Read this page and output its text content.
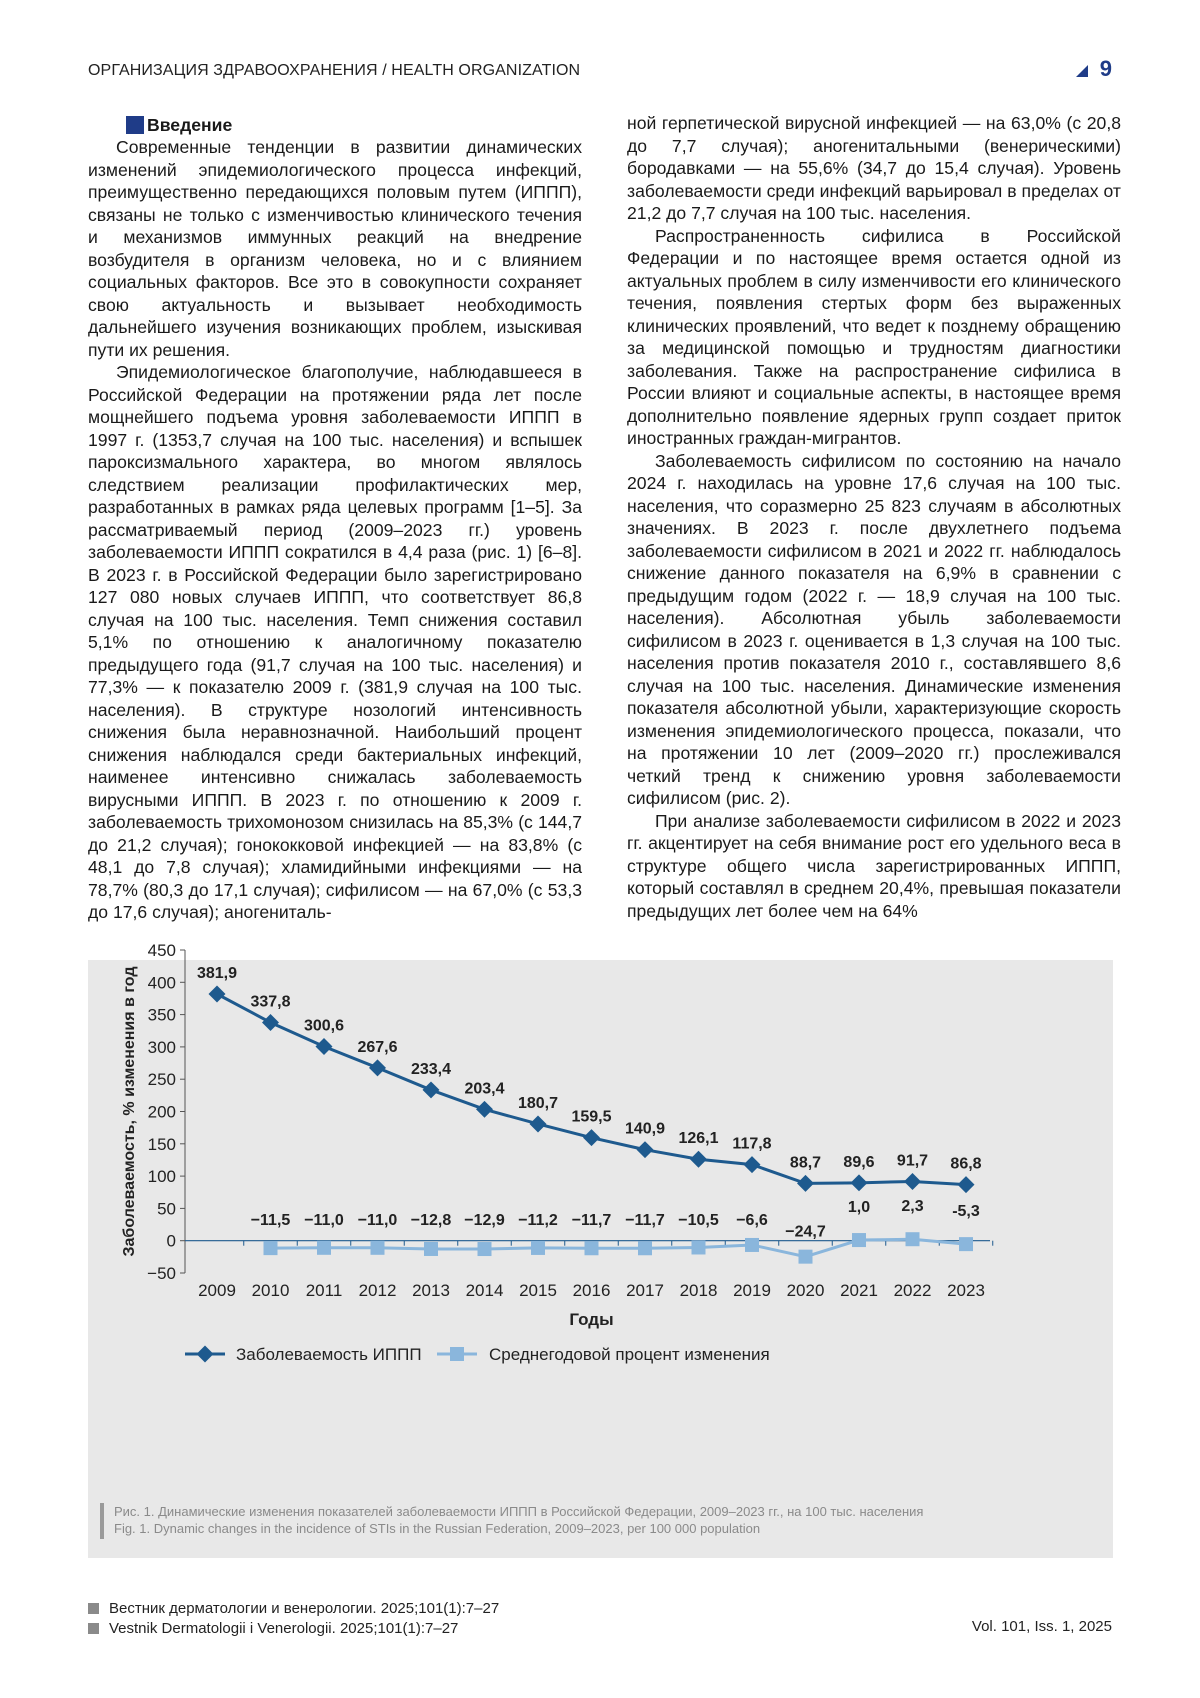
ОРГАНИЗАЦИЯ ЗДРАВООХРАНЕНИЯ / HEALTH ORGANIZATION	9
Введение

Современные тенденции в развитии динамических изменений эпидемиологического процесса инфекций, преимущественно передающихся половым путем (ИППП), связаны не только с изменчивостью клинического течения и механизмов иммунных реакций на внедрение возбудителя в организм человека, но и с влиянием социальных факторов. Все это в совокупности сохраняет свою актуальность и вызывает необходимость дальнейшего изучения возникающих проблем, изыскивая пути их решения.

Эпидемиологическое благополучие, наблюдавшееся в Российской Федерации на протяжении ряда лет после мощнейшего подъема уровня заболеваемости ИППП в 1997 г. (1353,7 случая на 100 тыс. населения) и вспышек пароксизмального характера, во многом являлось следствием реализации профилактических мер, разработанных в рамках ряда целевых программ [1–5]. За рассматриваемый период (2009–2023 гг.) уровень заболеваемости ИППП сократился в 4,4 раза (рис. 1) [6–8]. В 2023 г. в Российской Федерации было зарегистрировано 127 080 новых случаев ИППП, что соответствует 86,8 случая на 100 тыс. населения. Темп снижения составил 5,1% по отношению к аналогичному показателю предыдущего года (91,7 случая на 100 тыс. населения) и 77,3% — к показателю 2009 г. (381,9 случая на 100 тыс. населения). В структуре нозологий интенсивность снижения была неравнозначной. Наибольший процент снижения наблюдался среди бактериальных инфекций, наименее интенсивно снижалась заболеваемость вирусными ИППП. В 2023 г. по отношению к 2009 г. заболеваемость трихомонозом снизилась на 85,3% (с 144,7 до 21,2 случая); гонококковой инфекцией — на 83,8% (с 48,1 до 7,8 случая); хламидийными инфекциями — на 78,7% (80,3 до 17,1 случая); сифилисом — на 67,0% (с 53,3 до 17,6 случая); аногениталь-

ной герпетической вирусной инфекцией — на 63,0% (с 20,8 до 7,7 случая); аногенитальными (венерическими) бородавками — на 55,6% (34,7 до 15,4 случая). Уровень заболеваемости среди инфекций варьировал в пределах от 21,2 до 7,7 случая на 100 тыс. населения.

Распространенность сифилиса в Российской Федерации и по настоящее время остается одной из актуальных проблем в силу изменчивости его клинического течения, появления стертых форм без выраженных клинических проявлений, что ведет к позднему обращению за медицинской помощью и трудностям диагностики заболевания. Также на распространение сифилиса в России влияют и социальные аспекты, в настоящее время дополнительно появление ядерных групп создает приток иностранных граждан-мигрантов.

Заболеваемость сифилисом по состоянию на начало 2024 г. находилась на уровне 17,6 случая на 100 тыс. населения, что соразмерно 25 823 случаям в абсолютных значениях. В 2023 г. после двухлетнего подъема заболеваемости сифилисом в 2021 и 2022 гг. наблюдалось снижение данного показателя на 6,9% в сравнении с предыдущим годом (2022 г. — 18,9 случая на 100 тыс. населения). Абсолютная убыль заболеваемости сифилисом в 2023 г. оценивается в 1,3 случая на 100 тыс. населения против показателя 2010 г., составлявшего 8,6 случая на 100 тыс. населения. Динамические изменения показателя абсолютной убыли, характеризующие скорость изменения эпидемиологического процесса, показали, что на протяжении 10 лет (2009–2020 гг.) прослеживался четкий тренд к снижению уровня заболеваемости сифилисом (рис. 2).

При анализе заболеваемости сифилисом в 2022 и 2023 гг. акцентирует на себя внимание рост его удельного веса в структуре общего числа зарегистрированных ИППП, который составлял в среднем 20,4%, превышая показатели предыдущих лет более чем на 64%

450
400
350
300
250
200
150
100
50
0
−50
2009 2010 2011 2012 2013 2014 2015 2016 2017 2018 2019 2020 2021 2022 2023
Годы
Заболеваемость, % изменения в год	−11,5 −11,0 −11,0 −12,8 −12,9 −11,2 −11,7 −11,7 −10,5 −6,6
−24,7
1,0 2,3 -5,3
381,9
337,8
300,6
267,6
233,4
203,4
180,7
159,5
140,9
126,1 117,8
88,7 89,6 91,7 86,8
Заболеваемость ИППП	Среднегодовой процент изменения
Рис. 1. Динамические изменения показателей заболеваемости ИППП в Российской Федерации, 2009–2023 гг., на 100 тыс. населения
Fig. 1. Dynamic changes in the incidence of STIs in the Russian Federation, 2009–2023, per 100 000 population
Вестник дерматологии и венерологии. 2025;101(1):7–27
Vestnik Dermatologii i Venerologii. 2025;101(1):7–27	Vol. 101, Iss. 1, 2025
